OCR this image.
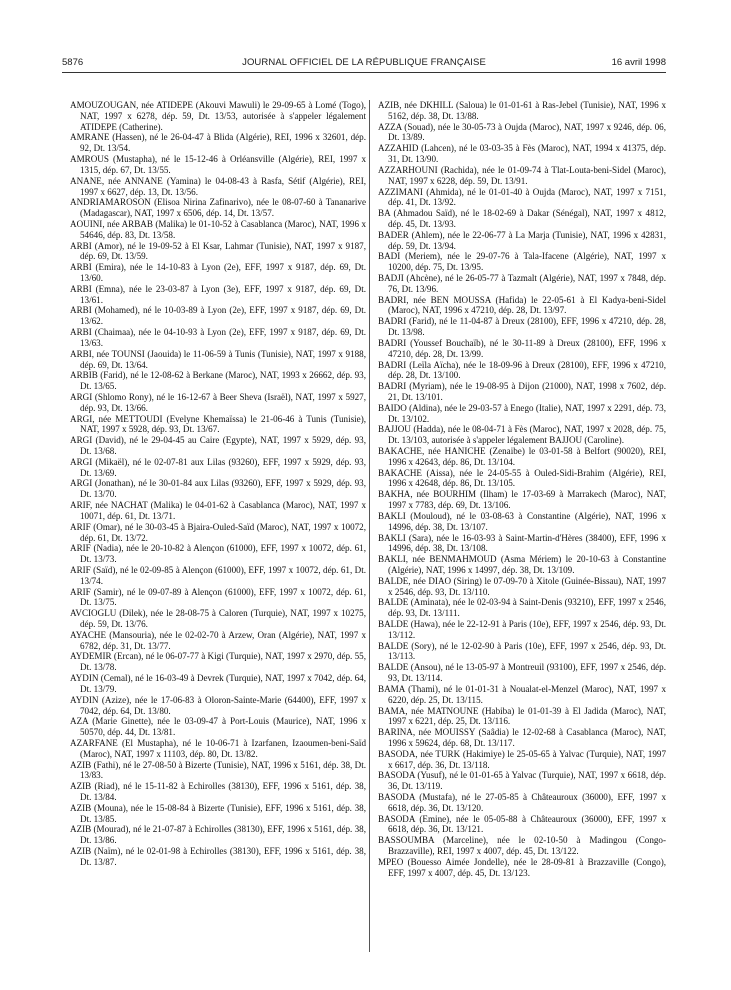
5876	JOURNAL OFFICIEL DE LA RÉPUBLIQUE FRANÇAISE	16 avril 1998

AMOUZOUGAN, née ATIDEPE (Akouvi Mawuli) le 29-09-65 à Lomé (Togo), NAT, 1997 x 6278, dép. 59, Dt. 13/53, autorisée à s'appeler légalement ATIDEPE (Catherine).

AMRANE (Hassen), né le 26-04-47 à Blida (Algérie), REI, 1996 x 32601, dép. 92, Dt. 13/54.

AMROUS (Mustapha), né le 15-12-46 à Orléansville (Algérie), REI, 1997 x 1315, dép. 67, Dt. 13/55.

ANANE, née ANNANE (Yamina) le 04-08-43 à Rasfa, Sétif (Algérie), REI, 1997 x 6627, dép. 13, Dt. 13/56.

ANDRIAMAROSON (Elisoa Nirina Zafinarivo), née le 08-07-60 à Tananarive (Madagascar), NAT, 1997 x 6506, dép. 14, Dt. 13/57.

AOUINI, née ARBAB (Malika) le 01-10-52 à Casablanca (Maroc), NAT, 1996 x 54646, dép. 83, Dt. 13/58.

ARBI (Amor), né le 19-09-52 à El Ksar, Lahmar (Tunisie), NAT, 1997 x 9187, dép. 69, Dt. 13/59.

ARBI (Emira), née le 14-10-83 à Lyon (2e), EFF, 1997 x 9187, dép. 69, Dt. 13/60.

ARBI (Emna), née le 23-03-87 à Lyon (3e), EFF, 1997 x 9187, dép. 69, Dt. 13/61.

ARBI (Mohamed), né le 10-03-89 à Lyon (2e), EFF, 1997 x 9187, dép. 69, Dt. 13/62.

ARBI (Chaimaa), née le 04-10-93 à Lyon (2e), EFF, 1997 x 9187, dép. 69, Dt. 13/63.

ARBI, née TOUNSI (Jaouida) le 11-06-59 à Tunis (Tunisie), NAT, 1997 x 9188, dép. 69, Dt. 13/64.

ARBIB (Farid), né le 12-08-62 à Berkane (Maroc), NAT, 1993 x 26662, dép. 93, Dt. 13/65.

ARGI (Shlomo Rony), né le 16-12-67 à Beer Sheva (Israël), NAT, 1997 x 5927, dép. 93, Dt. 13/66.

ARGI, née METTOUDI (Evelyne Khemaïssa) le 21-06-46 à Tunis (Tunisie), NAT, 1997 x 5928, dép. 93, Dt. 13/67.

ARGI (David), né le 29-04-45 au Caire (Egypte), NAT, 1997 x 5929, dép. 93, Dt. 13/68.

ARGI (Mikaël), né le 02-07-81 aux Lilas (93260), EFF, 1997 x 5929, dép. 93, Dt. 13/69.

ARGI (Jonathan), né le 30-01-84 aux Lilas (93260), EFF, 1997 x 5929, dép. 93, Dt. 13/70.

ARIF, née NACHAT (Malika) le 04-01-62 à Casablanca (Maroc), NAT, 1997 x 10071, dép. 61, Dt. 13/71.

ARIF (Omar), né le 30-03-45 à Bjaira-Ouled-Saïd (Maroc), NAT, 1997 x 10072, dép. 61, Dt. 13/72.

ARIF (Nadia), née le 20-10-82 à Alençon (61000), EFF, 1997 x 10072, dép. 61, Dt. 13/73.

ARIF (Saïd), né le 02-09-85 à Alençon (61000), EFF, 1997 x 10072, dép. 61, Dt. 13/74.

ARIF (Samir), né le 09-07-89 à Alençon (61000), EFF, 1997 x 10072, dép. 61, Dt. 13/75.

AVCIOGLU (Dilek), née le 28-08-75 à Caloren (Turquie), NAT, 1997 x 10275, dép. 59, Dt. 13/76.

AYACHE (Mansouria), née le 02-02-70 à Arzew, Oran (Algérie), NAT, 1997 x 6782, dép. 31, Dt. 13/77.

AYDEMIR (Ercan), né le 06-07-77 à Kigi (Turquie), NAT, 1997 x 2970, dép. 55, Dt. 13/78.

AYDIN (Cemal), né le 16-03-49 à Devrek (Turquie), NAT, 1997 x 7042, dép. 64, Dt. 13/79.

AYDIN (Azize), née le 17-06-83 à Oloron-Sainte-Marie (64400), EFF, 1997 x 7042, dép. 64, Dt. 13/80.

AZA (Marie Ginette), née le 03-09-47 à Port-Louis (Maurice), NAT, 1996 x 50570, dép. 44, Dt. 13/81.

AZARFANE (El Mustapha), né le 10-06-71 à Izarfanen, Izaoumen-beni-Saïd (Maroc), NAT, 1997 x 11103, dép. 80, Dt. 13/82.

AZIB (Fathi), né le 27-08-50 à Bizerte (Tunisie), NAT, 1996 x 5161, dép. 38, Dt. 13/83.

AZIB (Riad), né le 15-11-82 à Echirolles (38130), EFF, 1996 x 5161, dép. 38, Dt. 13/84.

AZIB (Mouna), née le 15-08-84 à Bizerte (Tunisie), EFF, 1996 x 5161, dép. 38, Dt. 13/85.

AZIB (Mourad), né le 21-07-87 à Echirolles (38130), EFF, 1996 x 5161, dép. 38, Dt. 13/86.

AZIB (Naïm), né le 02-01-98 à Echirolles (38130), EFF, 1996 x 5161, dép. 38, Dt. 13/87.

AZIB, née DKHILL (Saloua) le 01-01-61 à Ras-Jebel (Tunisie), NAT, 1996 x 5162, dép. 38, Dt. 13/88.

AZZA (Souad), née le 30-05-73 à Oujda (Maroc), NAT, 1997 x 9246, dép. 06, Dt. 13/89.

AZZAHID (Lahcen), né le 03-03-35 à Fès (Maroc), NAT, 1994 x 41375, dép. 31, Dt. 13/90.

AZZARHOUNI (Rachida), née le 01-09-74 à Tlat-Louta-beni-Sidel (Maroc), NAT, 1997 x 6228, dép. 59, Dt. 13/91.

AZZIMANI (Ahmida), né le 01-01-40 à Oujda (Maroc), NAT, 1997 x 7151, dép. 41, Dt. 13/92.

BA (Ahmadou Saïd), né le 18-02-69 à Dakar (Sénégal), NAT, 1997 x 4812, dép. 45, Dt. 13/93.

BADER (Ahlem), née le 22-06-77 à La Marja (Tunisie), NAT, 1996 x 42831, dép. 59, Dt. 13/94.

BADI (Meriem), née le 29-07-76 à Tala-Ifacene (Algérie), NAT, 1997 x 10200, dép. 75, Dt. 13/95.

BADJI (Ahcène), né le 26-05-77 à Tazmalt (Algérie), NAT, 1997 x 7848, dép. 76, Dt. 13/96.

BADRI, née BEN MOUSSA (Hafida) le 22-05-61 à El Kadya-beni-Sidel (Maroc), NAT, 1996 x 47210, dép. 28, Dt. 13/97.

BADRI (Farid), né le 11-04-87 à Dreux (28100), EFF, 1996 x 47210, dép. 28, Dt. 13/98.

BADRI (Youssef Bouchaïb), né le 30-11-89 à Dreux (28100), EFF, 1996 x 47210, dép. 28, Dt. 13/99.

BADRI (Leïla Aïcha), née le 18-09-96 à Dreux (28100), EFF, 1996 x 47210, dép. 28, Dt. 13/100.

BADRI (Myriam), née le 19-08-95 à Dijon (21000), NAT, 1998 x 7602, dép. 21, Dt. 13/101.

BAIDO (Aldina), née le 29-03-57 à Enego (Italie), NAT, 1997 x 2291, dép. 73, Dt. 13/102.

BAJJOU (Hadda), née le 08-04-71 à Fès (Maroc), NAT, 1997 x 2028, dép. 75, Dt. 13/103, autorisée à s'appeler légalement BAJJOU (Caroline).

BAKACHE, née HANICHE (Zenaibe) le 03-01-58 à Belfort (90020), REI, 1996 x 42643, dép. 86, Dt. 13/104.

BAKACHE (Aissa), née le 24-05-55 à Ouled-Sidi-Brahim (Algérie), REI, 1996 x 42648, dép. 86, Dt. 13/105.

BAKHA, née BOURHIM (Ilham) le 17-03-69 à Marrakech (Maroc), NAT, 1997 x 7783, dép. 69, Dt. 13/106.

BAKLI (Mouloud), né le 03-08-63 à Constantine (Algérie), NAT, 1996 x 14996, dép. 38, Dt. 13/107.

BAKLI (Sara), née le 16-03-93 à Saint-Martin-d'Hères (38400), EFF, 1996 x 14996, dép. 38, Dt. 13/108.

BAKLI, née BENMAHMOUD (Asma Mériem) le 20-10-63 à Constantine (Algérie), NAT, 1996 x 14997, dép. 38, Dt. 13/109.

BALDE, née DIAO (Siring) le 07-09-70 à Xitole (Guinée-Bissau), NAT, 1997 x 2546, dép. 93, Dt. 13/110.

BALDE (Aminata), née le 02-03-94 à Saint-Denis (93210), EFF, 1997 x 2546, dép. 93, Dt. 13/111.

BALDE (Hawa), née le 22-12-91 à Paris (10e), EFF, 1997 x 2546, dép. 93, Dt. 13/112.

BALDE (Sory), né le 12-02-90 à Paris (10e), EFF, 1997 x 2546, dép. 93, Dt. 13/113.

BALDE (Ansou), né le 13-05-97 à Montreuil (93100), EFF, 1997 x 2546, dép. 93, Dt. 13/114.

BAMA (Thami), né le 01-01-31 à Noualat-el-Menzel (Maroc), NAT, 1997 x 6220, dép. 25, Dt. 13/115.

BAMA, née MATNOUNE (Habiba) le 01-01-39 à El Jadida (Maroc), NAT, 1997 x 6221, dép. 25, Dt. 13/116.

BARINA, née MOUISSY (Saâdia) le 12-02-68 à Casablanca (Maroc), NAT, 1996 x 59624, dép. 68, Dt. 13/117.

BASODA, née TURK (Hakimiye) le 25-05-65 à Yalvac (Turquie), NAT, 1997 x 6617, dép. 36, Dt. 13/118.

BASODA (Yusuf), né le 01-01-65 à Yalvac (Turquie), NAT, 1997 x 6618, dép. 36, Dt. 13/119.

BASODA (Mustafa), né le 27-05-85 à Châteauroux (36000), EFF, 1997 x 6618, dép. 36, Dt. 13/120.

BASODA (Emine), née le 05-05-88 à Châteauroux (36000), EFF, 1997 x 6618, dép. 36, Dt. 13/121.

BASSOUMBA (Marceline), née le 02-10-50 à Madingou (Congo-Brazzaville), REI, 1997 x 4007, dép. 45, Dt. 13/122.

MPEO (Bouesso Aimée Jondelle), née le 28-09-81 à Brazzaville (Congo), EFF, 1997 x 4007, dép. 45, Dt. 13/123.
